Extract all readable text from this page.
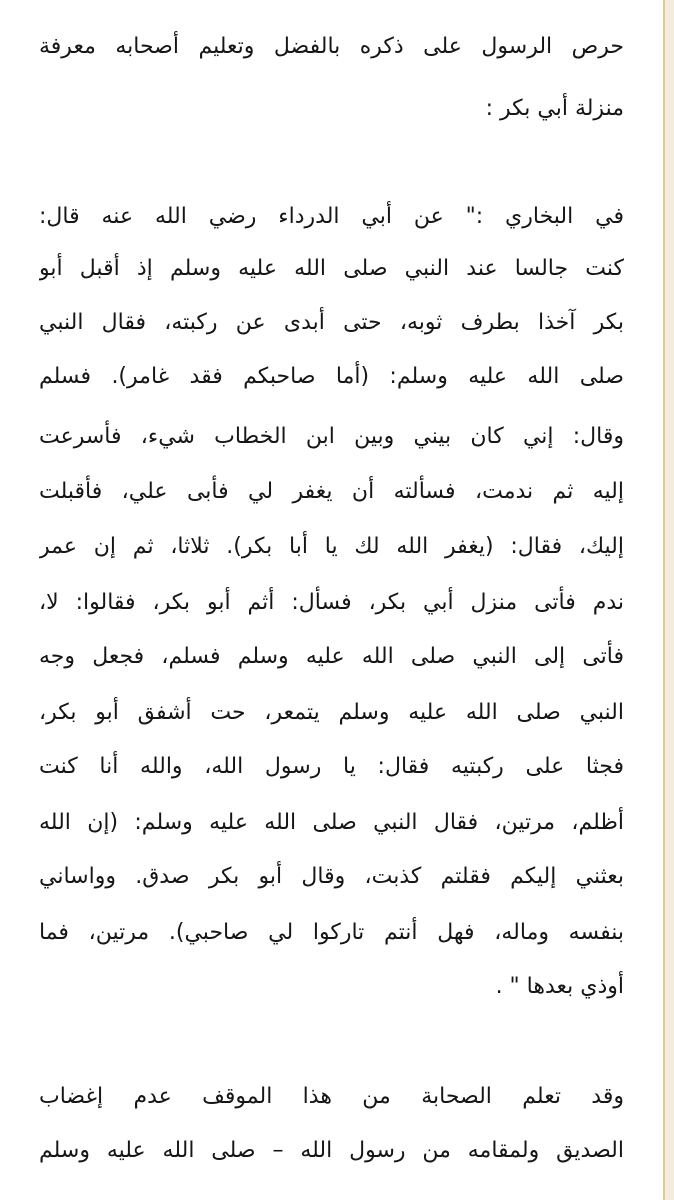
حرص الرسول على ذكره بالفضل وتعليم أصحابه معرفة
منزلة أبي بكر :
في البخاري :" عن أبي الدرداء رضي الله عنه قال:
كنت جالسا عند النبي صلى الله عليه وسلم إذ أقبل أبو
بكر آخذا بطرف ثوبه، حتى أبدى عن ركبته، فقال النبي
صلى الله عليه وسلم: (أما صاحبكم فقد غامر). فسلم
وقال: إني كان بيني وبين ابن الخطاب شيء، فأسرعت
إليه ثم ندمت، فسألته أن يغفر لي فأبى علي، فأقبلت
إليك، فقال: (يغفر الله لك يا أبا بكر). ثلاثا، ثم إن عمر
ندم فأتى منزل أبي بكر، فسأل: أثم أبو بكر، فقالوا: لا،
فأتى إلى النبي صلى الله عليه وسلم فسلم، فجعل وجه
النبي صلى الله عليه وسلم يتمعر، حت أشفق أبو بكر،
فجثا على ركبتيه فقال: يا رسول الله، والله أنا كنت
أظلم، مرتين، فقال النبي صلى الله عليه وسلم: (إن الله
بعثني إليكم فقلتم كذبت، وقال أبو بكر صدق. وواساني
بنفسه وماله، فهل أنتم تاركوا لي صاحبي). مرتين، فما
أوذي بعدها " .
وقد تعلم الصحابة من هذا الموقف عدم إغضاب
الصديق ولمقامه من رسول الله – صلى الله عليه وسلم
